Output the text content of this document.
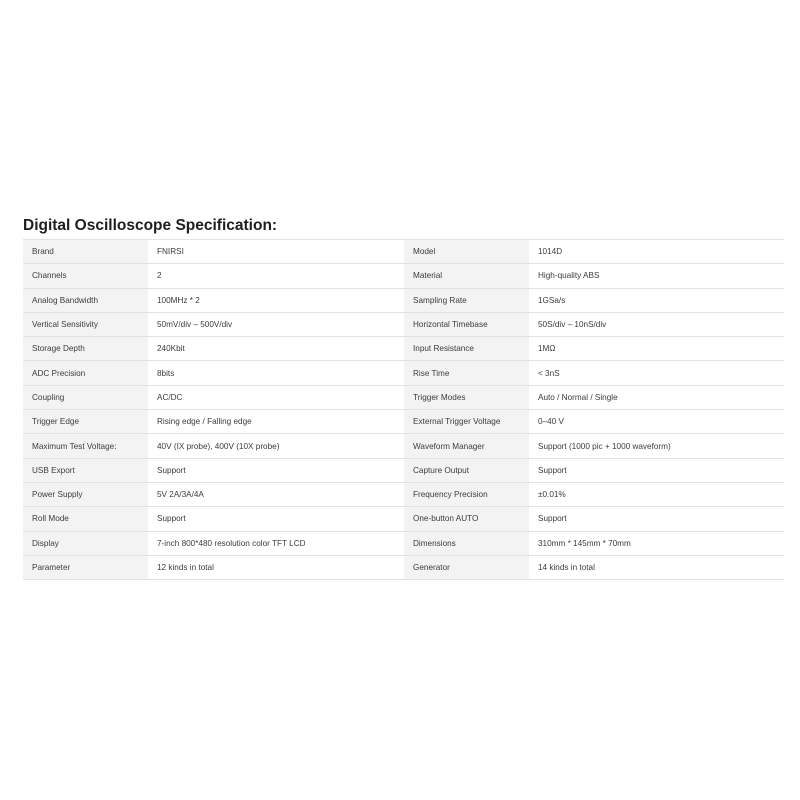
Digital Oscilloscope Specification:
Brand	FNIRSI	Model	1014D
Channels	2	Material	High-quality ABS
Analog Bandwidth	100MHz * 2	Sampling Rate	1GSa/s
Vertical Sensitivity	50mV/div – 500V/div	Horizontal Timebase	50S/div – 10nS/div
Storage Depth	240Kbit	Input Resistance	1MΩ
ADC Precision	8bits	Rise Time	< 3nS
Coupling	AC/DC	Trigger Modes	Auto / Normal / Single
Trigger Edge	Rising edge / Falling edge	External Trigger Voltage	0–40 V
Maximum Test Voltage:	40V (IX probe), 400V (10X probe)	Waveform Manager	Support (1000 pic + 1000 waveform)
USB Export	Support	Capture Output	Support
Power Supply	5V 2A/3A/4A	Frequency Precision	±0.01%
Roll Mode	Support	One-button AUTO	Support
Display	7-inch 800*480 resolution color TFT LCD	Dimensions	310mm * 145mm * 70mm
Parameter	12 kinds in total	Generator	14 kinds in total
